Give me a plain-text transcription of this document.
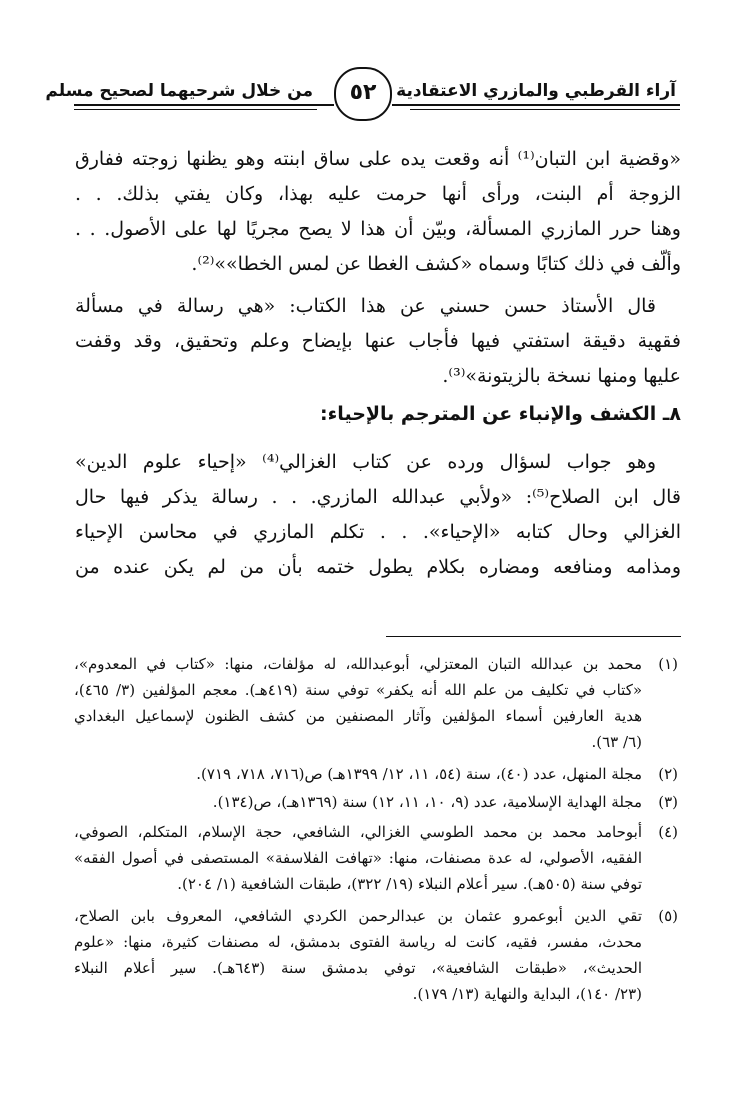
آراء القرطبي والمازري الاعتقادية
من خلال شرحيهما لصحيح مسلم	٥٢
«وقضية ابن التبان⁽¹⁾ أنه وقعت يده على ساق ابنته وهو يظنها زوجته ففارق
الزوجة أم البنت، ورأى أنها حرمت عليه بهذا، وكان يفتي بذلك. . .
وهنا حرر المازري المسألة، وبيّن أن هذا لا يصح مجريًا لها على الأصول. . .
وألّف في ذلك كتابًا وسماه «كشف الغطا عن لمس الخطا»»⁽²⁾.
قال الأستاذ حسن حسني عن هذا الكتاب: «هي رسالة في مسألة
فقهية دقيقة استفتي فيها فأجاب عنها بإيضاح وعلم وتحقيق، وقد وقفت
عليها ومنها نسخة بالزيتونة»⁽³⁾.
٨ـ الكشف والإنباء عن المترجم بالإحياء:
وهو جواب لسؤال ورده عن كتاب الغزالي⁽⁴⁾ «إحياء علوم الدين»
قال ابن الصلاح⁽⁵⁾: «ولأبي عبدالله المازري. . . رسالة يذكر فيها حال
الغزالي وحال كتابه «الإحياء». . . تكلم المازري في محاسن الإحياء
ومذامه ومنافعه ومضاره بكلام يطول ختمه بأن من لم يكن عنده من
(١)
محمد بن عبدالله التبان المعتزلي، أبوعبدالله، له مؤلفات، منها: «كتاب في المعدوم»،
«كتاب في تكليف من علم الله أنه يكفر» توفي سنة (٤١٩هـ). معجم المؤلفين (٣/ ٤٦٥)،
هدية العارفين أسماء المؤلفين وآثار المصنفين من كشف الظنون لإسماعيل البغدادي
(٦/ ٦٣).
(٢)
مجلة المنهل، عدد (٤٠)، سنة (٥٤، ١١، ١٢/ ١٣٩٩هـ) ص(٧١٦، ٧١٨، ٧١٩).
(٣)
مجلة الهداية الإسلامية، عدد (٩، ١٠، ١١، ١٢) سنة (١٣٦٩هـ)، ص(١٣٤).
(٤)
أبوحامد محمد بن محمد الطوسي الغزالي، الشافعي، حجة الإسلام، المتكلم، الصوفي،
الفقيه، الأصولي، له عدة مصنفات، منها: «تهافت الفلاسفة» المستصفى في أصول الفقه»
توفي سنة (٥٠٥هـ). سير أعلام النبلاء (١٩/ ٣٢٢)، طبقات الشافعية (١/ ٢٠٤).
(٥)
تقي الدين أبوعمرو عثمان بن عبدالرحمن الكردي الشافعي، المعروف بابن الصلاح،
محدث، مفسر، فقيه، كانت له رياسة الفتوى بدمشق، له مصنفات كثيرة، منها: «علوم
الحديث»، «طبقات الشافعية»، توفي بدمشق سنة (٦٤٣هـ). سير أعلام النبلاء
(٢٣/ ١٤٠)، البداية والنهاية (١٣/ ١٧٩).
